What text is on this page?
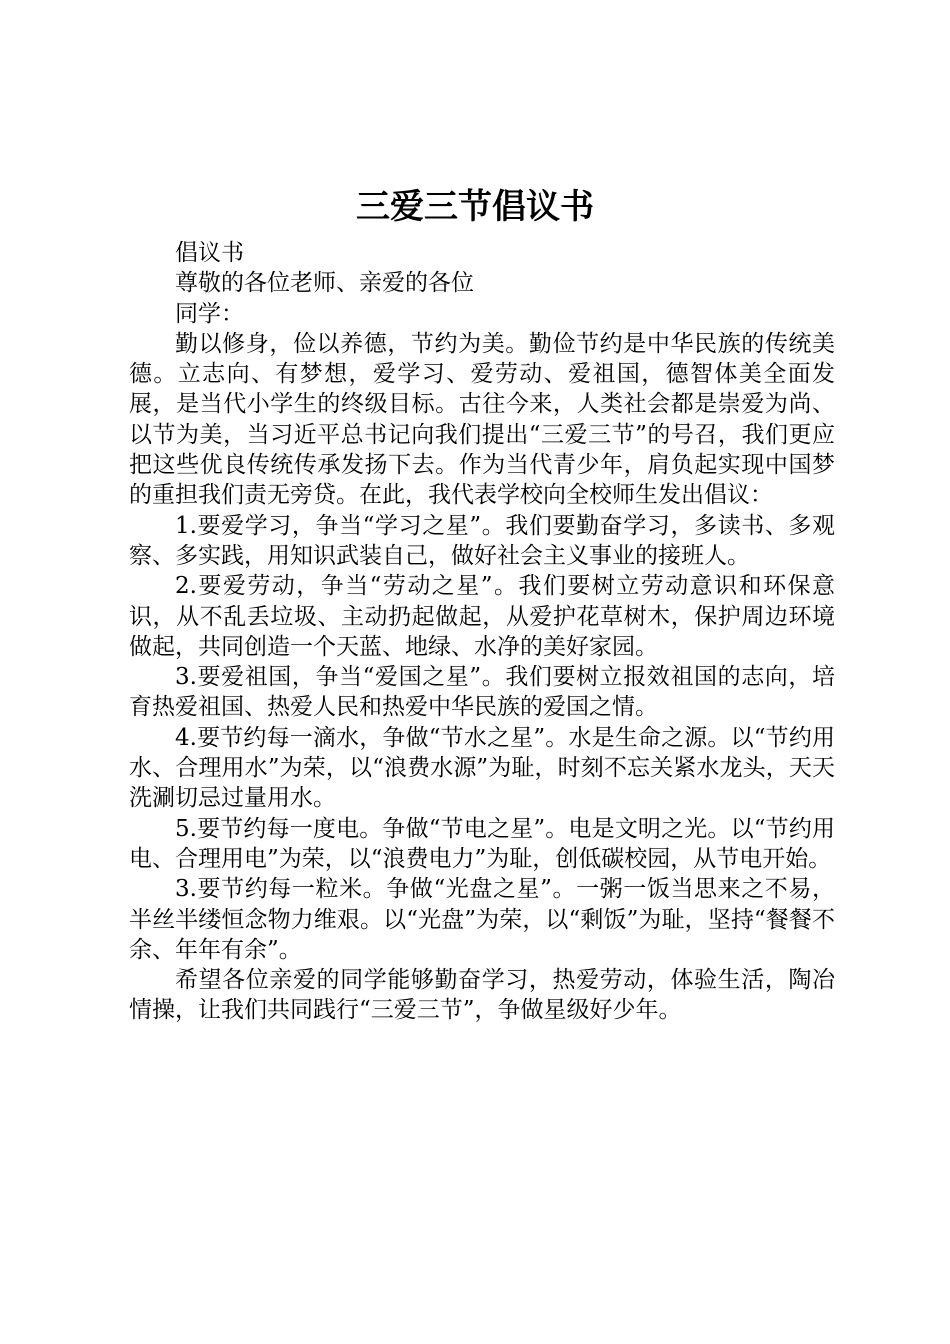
三爱三节倡议书

倡议书

尊敬的各位老师、亲爱的各位

同学：

勤以修身，俭以养德，节约为美。勤俭节约是中华民族的传统美德。立志向、有梦想，爱学习、爱劳动、爱祖国，德智体美全面发展，是当代小学生的终级目标。古往今来，人类社会都是崇爱为尚、以节为美，当习近平总书记向我们提出“三爱三节”的号召，我们更应把这些优良传统传承发扬下去。作为当代青少年，肩负起实现中国梦的重担我们责无旁贷。在此，我代表学校向全校师生发出倡议：

1.要爱学习，争当“学习之星”。我们要勤奋学习，多读书、多观察、多实践，用知识武装自己，做好社会主义事业的接班人。

2.要爱劳动，争当“劳动之星”。我们要树立劳动意识和环保意识，从不乱丢垃圾、主动扔起做起，从爱护花草树木，保护周边环境做起，共同创造一个天蓝、地绿、水净的美好家园。

3.要爱祖国，争当“爱国之星”。我们要树立报效祖国的志向，培育热爱祖国、热爱人民和热爱中华民族的爱国之情。

4.要节约每一滴水，争做“节水之星”。水是生命之源。以“节约用水、合理用水”为荣，以“浪费水源”为耻，时刻不忘关紧水龙头，天天洗涮切忌过量用水。

5.要节约每一度电。争做“节电之星”。电是文明之光。以“节约用电、合理用电”为荣，以“浪费电力”为耻，创低碳校园，从节电开始。

3.要节约每一粒米。争做“光盘之星”。一粥一饭当思来之不易，半丝半缕恒念物力维艰。以“光盘”为荣，以“剩饭”为耻，坚持“餐餐不余、年年有余”。

希望各位亲爱的同学能够勤奋学习，热爱劳动，体验生活，陶冶情操，让我们共同践行“三爱三节”，争做星级好少年。
